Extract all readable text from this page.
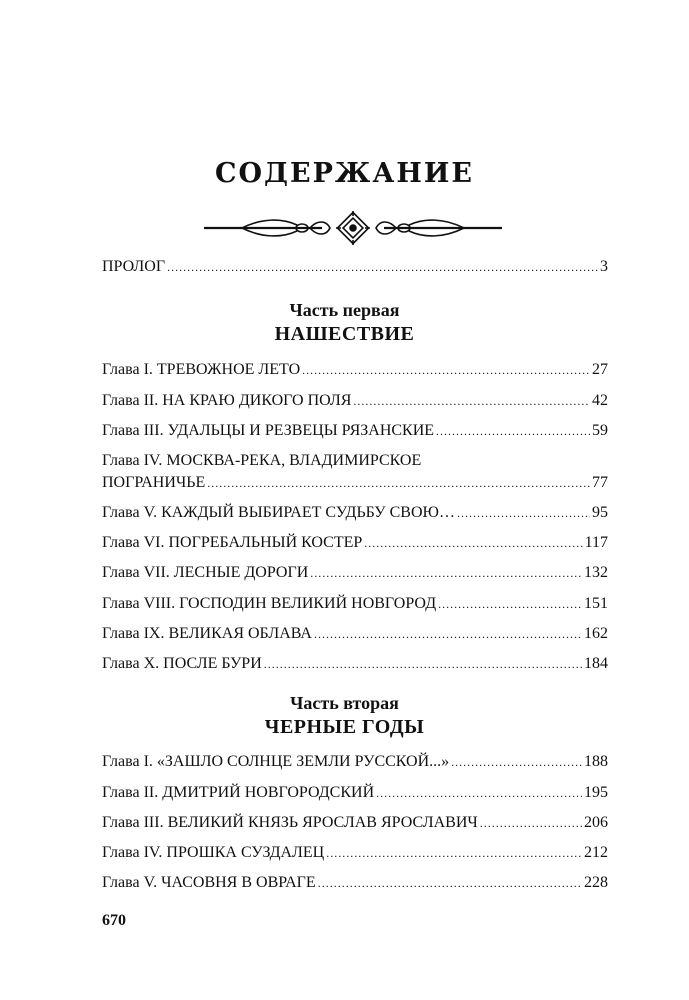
СОДЕРЖАНИЕ
ПРОЛОГ .....	3
Часть первая
НАШЕСТВИЕ
Глава I. ТРЕВОЖНОЕ ЛЕТО .....	27
Глава II. НА КРАЮ ДИКОГО ПОЛЯ .....	42
Глава III. УДАЛЬЦЫ И РЕЗВЕЦЫ РЯЗАНСКИЕ .....	59
Глава IV. МОСКВА-РЕКА, ВЛАДИМИРСКОЕ
ПОГРАНИЧЬЕ .....	77
Глава V. КАЖДЫЙ ВЫБИРАЕТ СУДЬБУ СВОЮ… .....	95
Глава VI. ПОГРЕБАЛЬНЫЙ КОСТЕР .....	117
Глава VII. ЛЕСНЫЕ ДОРОГИ .....	132
Глава VIII. ГОСПОДИН ВЕЛИКИЙ НОВГОРОД .....	151
Глава IX. ВЕЛИКАЯ ОБЛАВА .....	162
Глава X. ПОСЛЕ БУРИ .....	184
Часть вторая
ЧЕРНЫЕ ГОДЫ
Глава I. «ЗАШЛО СОЛНЦЕ ЗЕМЛИ РУССКОЙ...» .....	188
Глава II. ДМИТРИЙ НОВГОРОДСКИЙ .....	195
Глава III. ВЕЛИКИЙ КНЯЗЬ ЯРОСЛАВ ЯРОСЛАВИЧ .....	206
Глава IV. ПРОШКА СУЗДАЛЕЦ .....	212
Глава V. ЧАСОВНЯ В ОВРАГЕ .....	228
670
